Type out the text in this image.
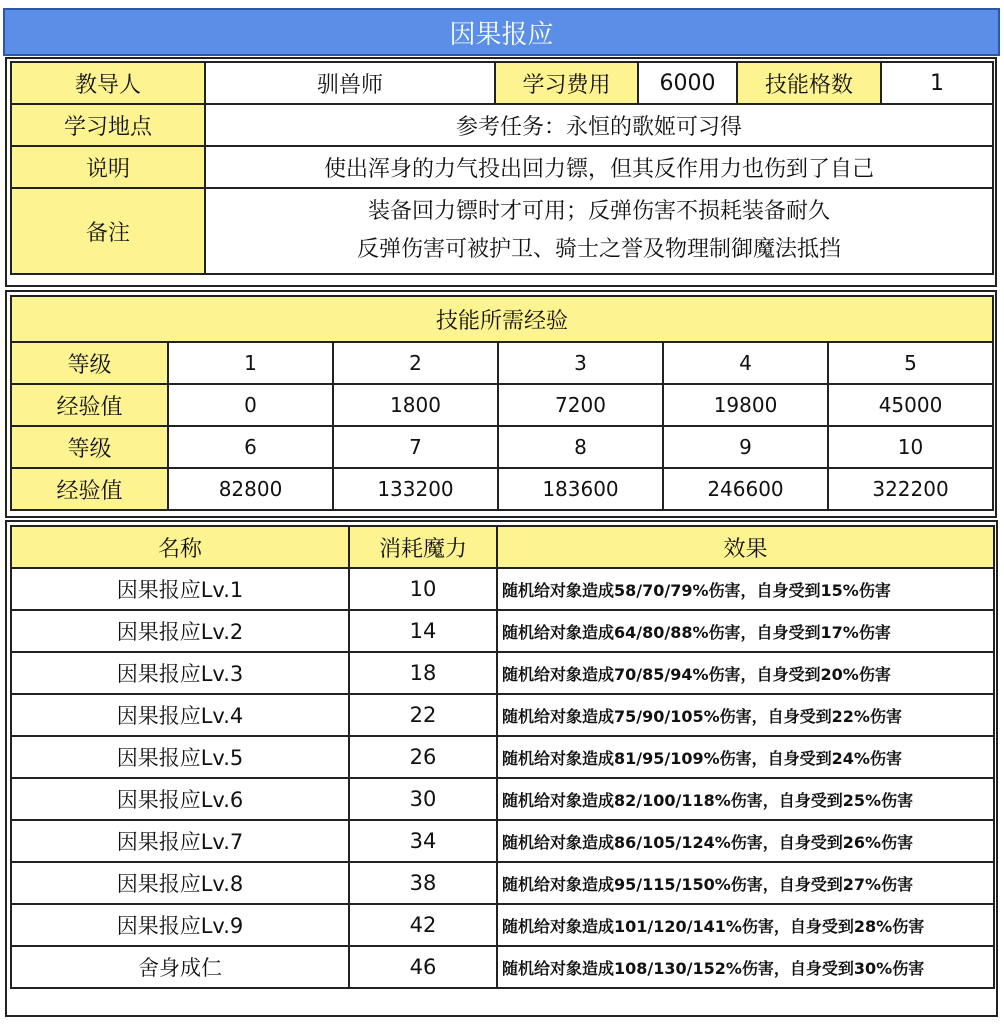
因果报应
教导人	驯兽师	学习费用	6000	技能格数	1
学习地点	参考任务：永恒的歌姬可习得				
说明	使出浑身的力气投出回力镖，但其反作用力也伤到了自己				
备注	装备回力镖时才可用；反弹伤害不损耗装备耐久
反弹伤害可被护卫、骑士之誉及物理制御魔法抵挡				
技能所需经验					
等级	1	2	3	4	5
经验值	0	1800	7200	19800	45000
等级	6	7	8	9	10
经验值	82800	133200	183600	246600	322200
名称	消耗魔力	效果
因果报应Lv.1	10	随机给对象造成58/70/79%伤害，自身受到15%伤害
因果报应Lv.2	14	随机给对象造成64/80/88%伤害，自身受到17%伤害
因果报应Lv.3	18	随机给对象造成70/85/94%伤害，自身受到20%伤害
因果报应Lv.4	22	随机给对象造成75/90/105%伤害，自身受到22%伤害
因果报应Lv.5	26	随机给对象造成81/95/109%伤害，自身受到24%伤害
因果报应Lv.6	30	随机给对象造成82/100/118%伤害，自身受到25%伤害
因果报应Lv.7	34	随机给对象造成86/105/124%伤害，自身受到26%伤害
因果报应Lv.8	38	随机给对象造成95/115/150%伤害，自身受到27%伤害
因果报应Lv.9	42	随机给对象造成101/120/141%伤害，自身受到28%伤害
舍身成仁	46	随机给对象造成108/130/152%伤害，自身受到30%伤害
